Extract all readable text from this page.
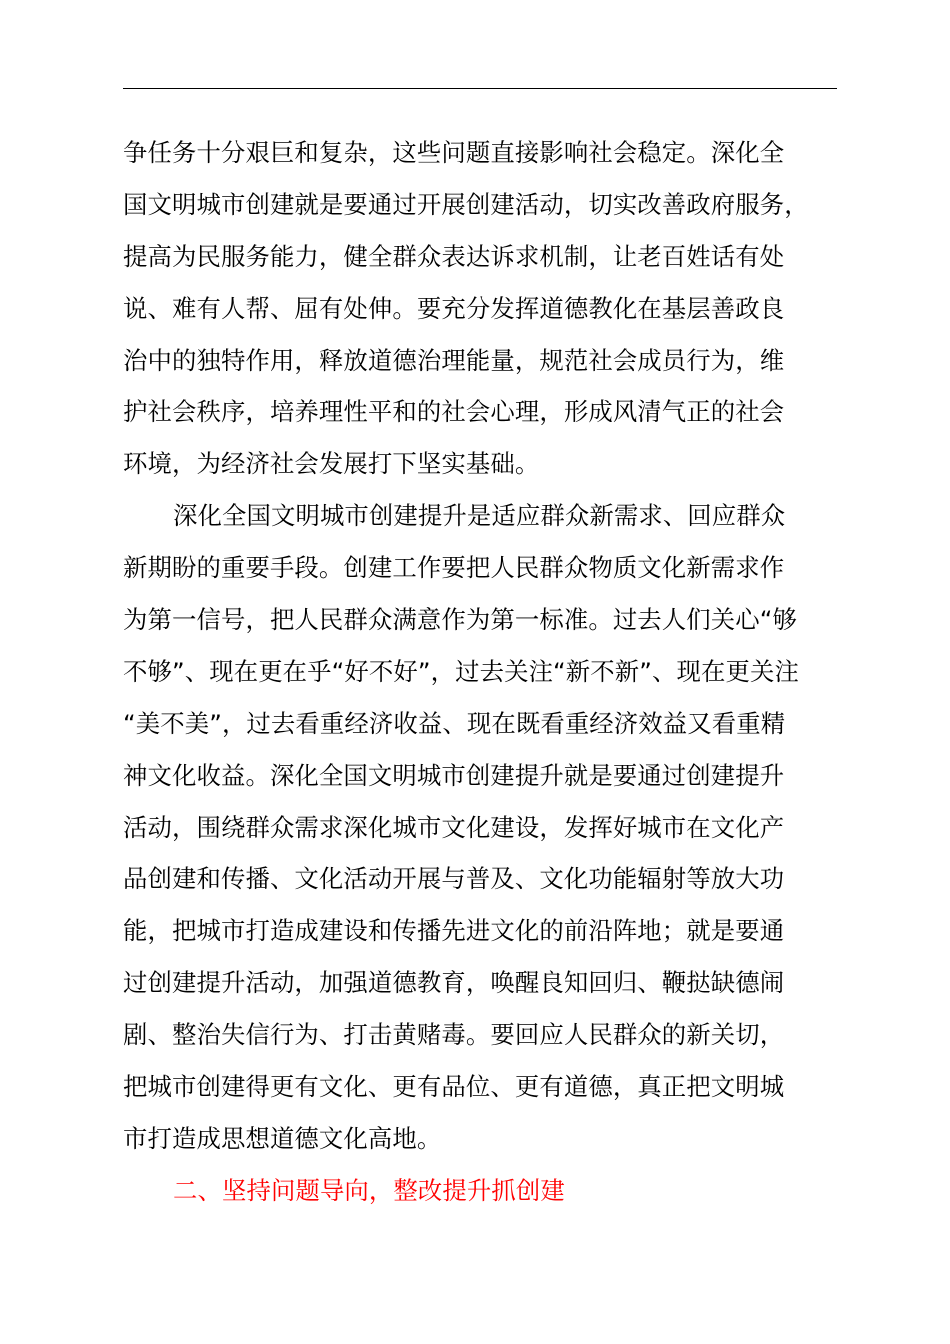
争任务十分艰巨和复杂，这些问题直接影响社会稳定。深化全
国文明城市创建就是要通过开展创建活动，切实改善政府服务，
提高为民服务能力，健全群众表达诉求机制，让老百姓话有处
说、难有人帮、屈有处伸。要充分发挥道德教化在基层善政良
治中的独特作用，释放道德治理能量，规范社会成员行为，维
护社会秩序，培养理性平和的社会心理，形成风清气正的社会
环境，为经济社会发展打下坚实基础。
深化全国文明城市创建提升是适应群众新需求、回应群众
新期盼的重要手段。创建工作要把人民群众物质文化新需求作
为第一信号，把人民群众满意作为第一标准。过去人们关心“够
不够”、现在更在乎“好不好”，过去关注“新不新”、现在更关注
“美不美”，过去看重经济收益、现在既看重经济效益又看重精
神文化收益。深化全国文明城市创建提升就是要通过创建提升
活动，围绕群众需求深化城市文化建设，发挥好城市在文化产
品创建和传播、文化活动开展与普及、文化功能辐射等放大功
能，把城市打造成建设和传播先进文化的前沿阵地；就是要通
过创建提升活动，加强道德教育，唤醒良知回归、鞭挞缺德闹
剧、整治失信行为、打击黄赌毒。要回应人民群众的新关切，
把城市创建得更有文化、更有品位、更有道德，真正把文明城
市打造成思想道德文化高地。
二、坚持问题导向，整改提升抓创建
